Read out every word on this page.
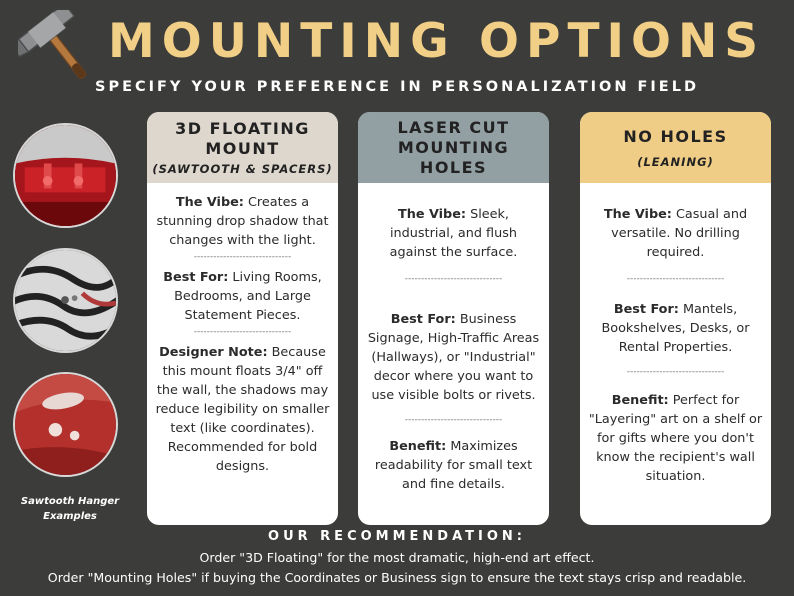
MOUNTING OPTIONS
SPECIFY YOUR PREFERENCE IN PERSONALIZATION FIELD
Sawtooth Hanger
Examples
3D FLOATING
MOUNT
(SAWTOOTH & SPACERS)

The Vibe: Creates a stunning drop shadow that changes with the light.

------------------------------

Best For: Living Rooms, Bedrooms, and Large Statement Pieces.

------------------------------

Designer Note: Because this mount floats 3/4" off the wall, the shadows may reduce legibility on smaller text (like coordinates). Recommended for bold designs.

LASER CUT
MOUNTING
HOLES

The Vibe: Sleek, industrial, and flush against the surface.

------------------------------

Best For: Business Signage, High-Traffic Areas (Hallways), or "Industrial" decor where you want to use visible bolts or rivets.

------------------------------

Benefit: Maximizes readability for small text and fine details.

NO HOLES
(LEANING)

The Vibe: Casual and versatile. No drilling required.

------------------------------

Best For: Mantels, Bookshelves, Desks, or Rental Properties.

------------------------------

Benefit: Perfect for "Layering" art on a shelf or for gifts where you don't know the recipient's wall situation.

OUR RECOMMENDATION:
Order "3D Floating" for the most dramatic, high-end art effect.
Order "Mounting Holes" if buying the Coordinates or Business sign to ensure the text stays crisp and readable.
